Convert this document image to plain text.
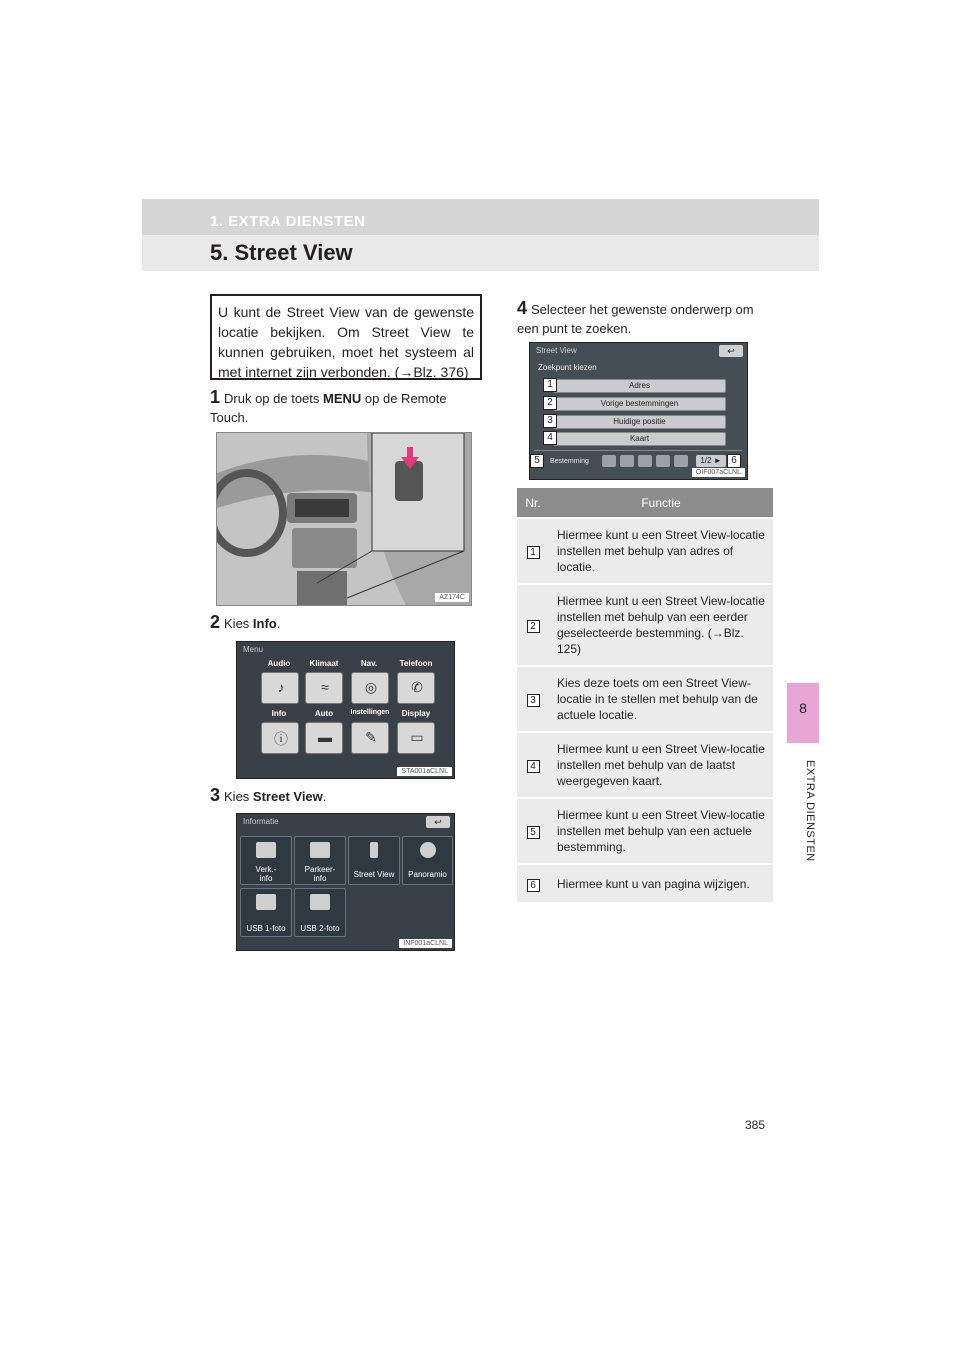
1. EXTRA DIENSTEN
5. Street View
8
EXTRA DIENSTEN
U kunt de Street View van de gewenste locatie bekijken. Om Street View te kunnen gebruiken, moet het systeem al met internet zijn verbonden. (→Blz. 376)
1 Druk op de toets MENU op de Remote Touch.
AZ174C
2 Kies Info.
Menu
Audio	Klimaat	Nav.	Telefoon
♪	≈	◎	✆
Info	Auto	Instellingen	Display
ⓘ	▬	✎	▭
STA001aCLNL
3 Kies Street View.
Informatie	↩
Verk.-
info
Parkeer-
info	Street View	Panoramio
USB 1-foto	USB 2-foto
INF001aCLNL
4 Selecteer het gewenste onderwerp om een punt te zoeken.
Street View	↩
Zoekpunt kiezen
Bestemming	1/2 ►
OIF007aCLNL
Adres
Vorige bestemmingen
Huidige positie
Kaart
1
2
3
4
5	6
Nr.	Functie
1	Hiermee kunt u een Street View-locatie instellen met behulp van adres of locatie.
2	Hiermee kunt u een Street View-locatie instellen met behulp van een eerder geselecteerde bestemming. (→Blz. 125)
3	Kies deze toets om een Street View-locatie in te stellen met behulp van de actuele locatie.
4	Hiermee kunt u een Street View-locatie instellen met behulp van de laatst weergegeven kaart.
5	Hiermee kunt u een Street View-locatie instellen met behulp van een actuele bestemming.
6	Hiermee kunt u van pagina wijzigen.
385
